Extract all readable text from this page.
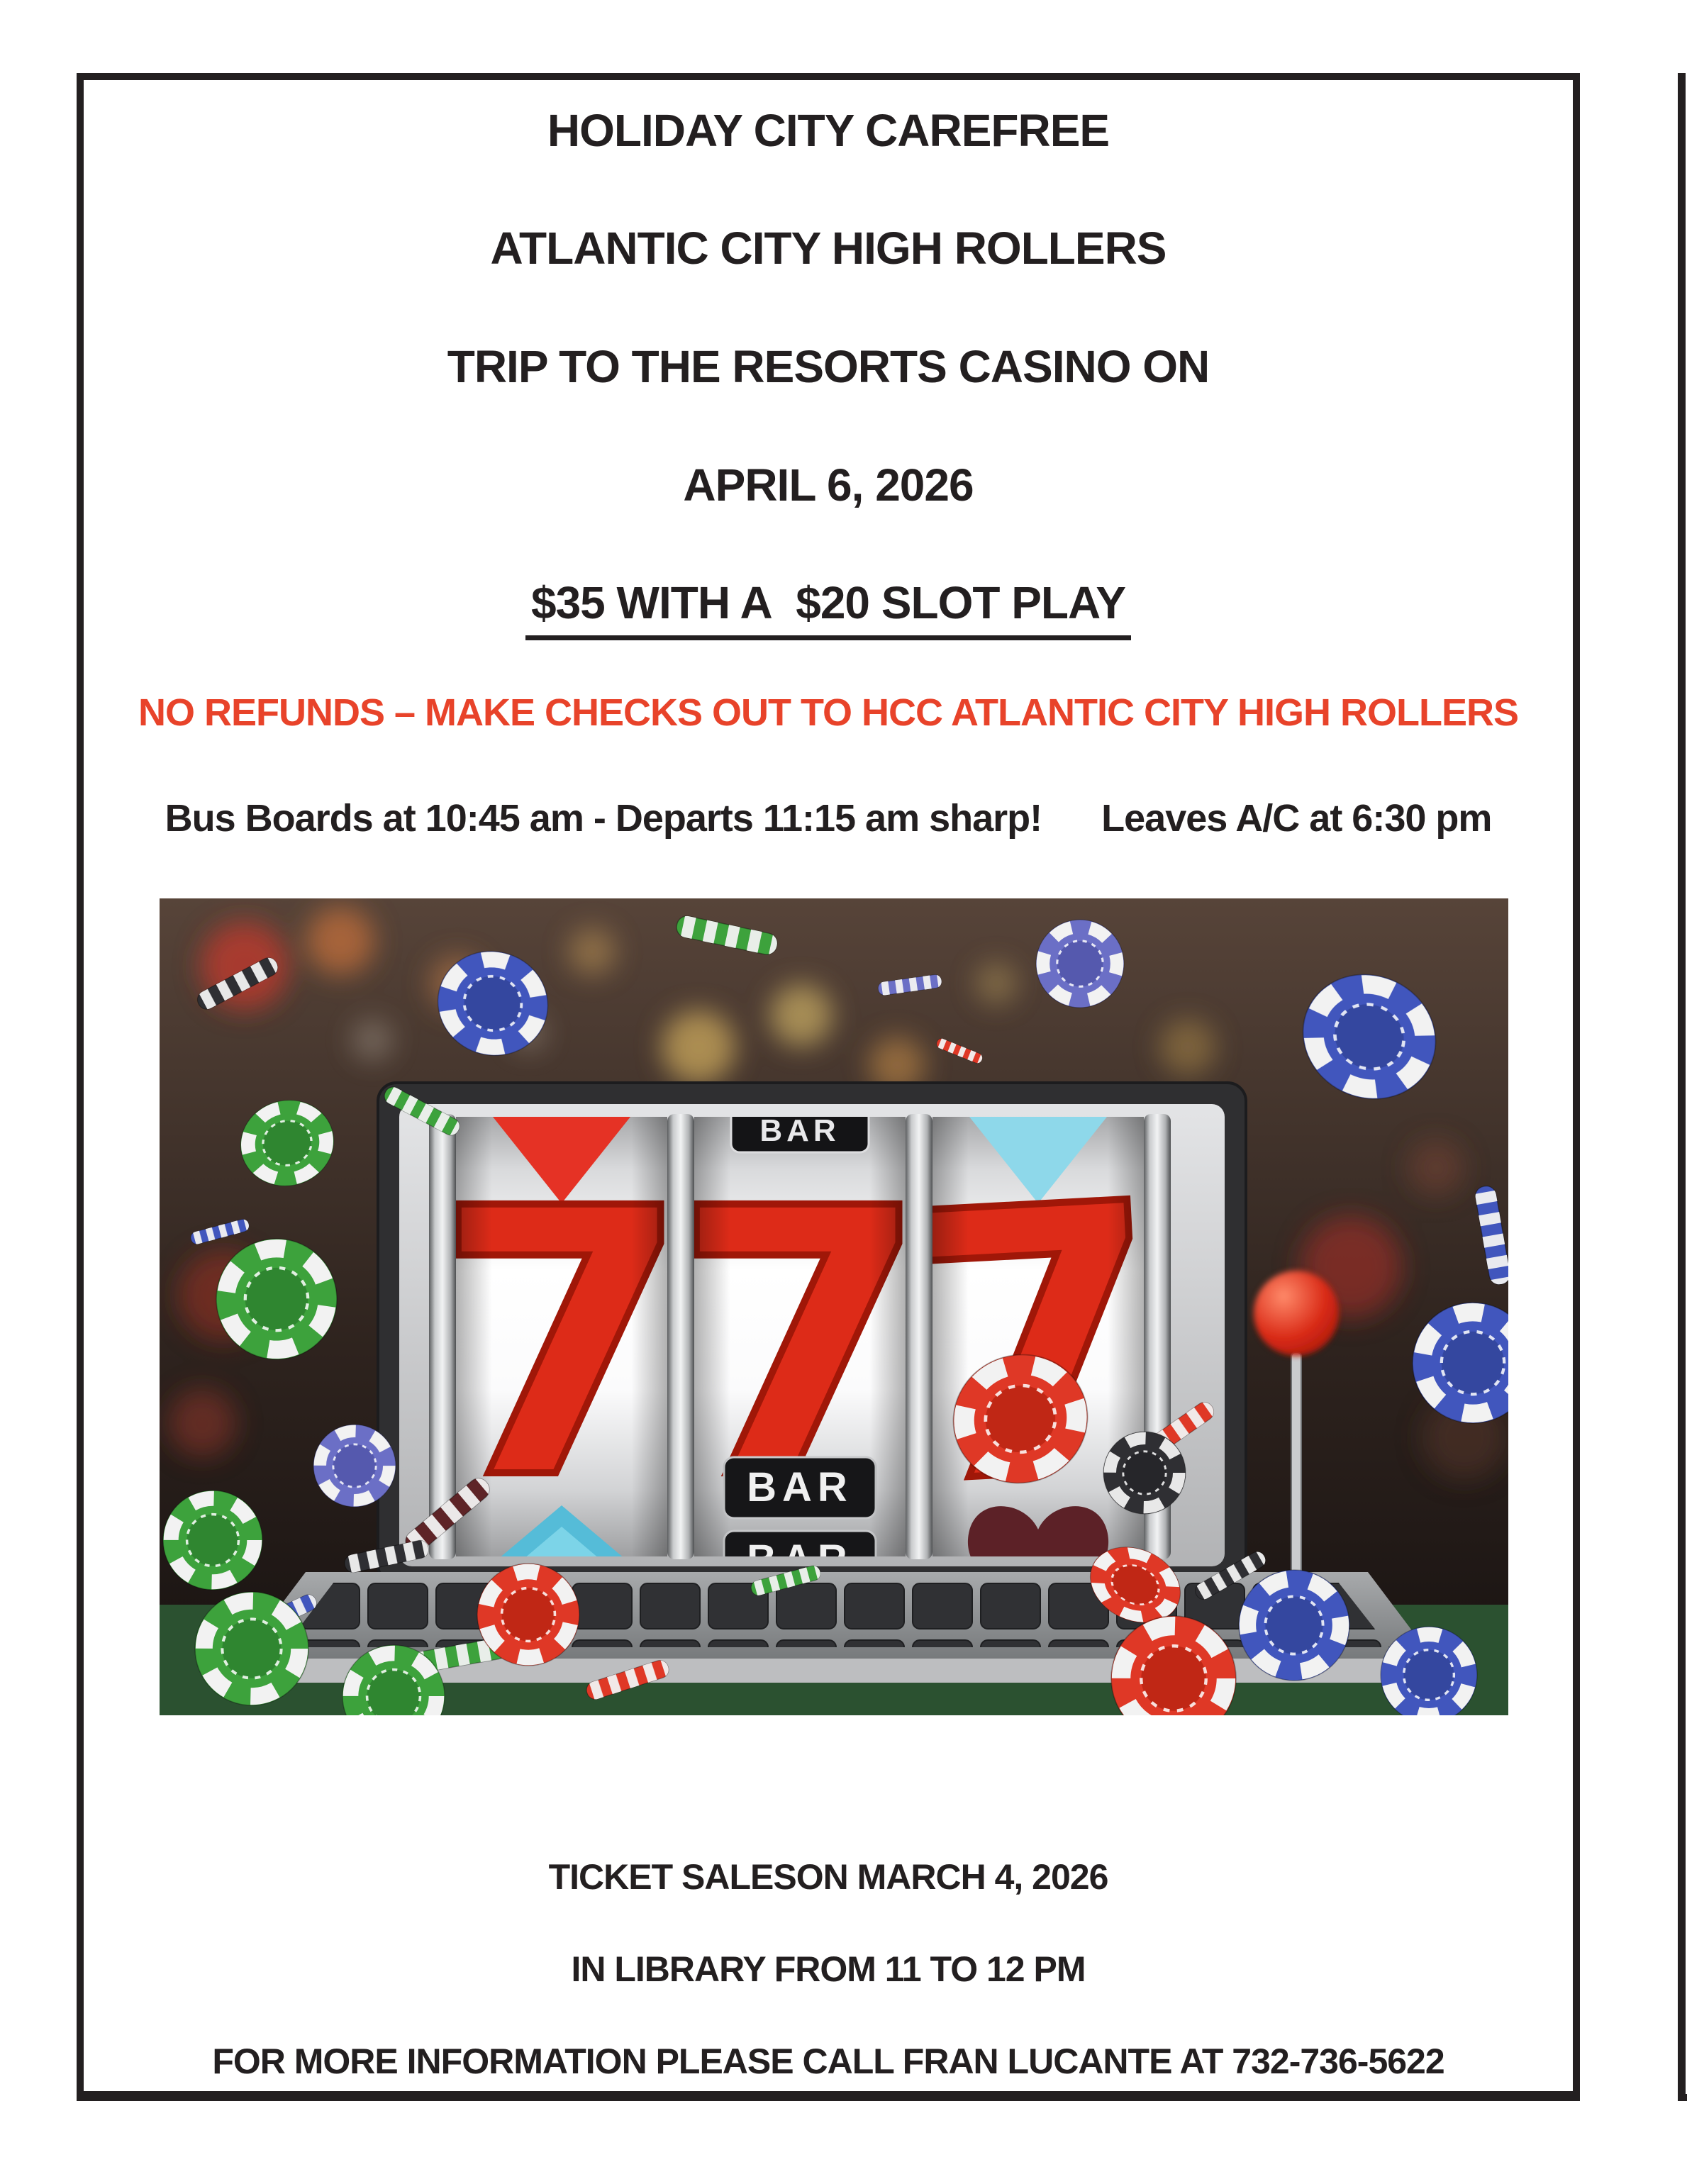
HOLIDAY CITY CAREFREE
ATLANTIC CITY HIGH ROLLERS
TRIP TO THE RESORTS CASINO ON
APRIL 6, 2026
$35 WITH A  $20 SLOT PLAY
NO REFUNDS – MAKE CHECKS OUT TO HCC ATLANTIC CITY HIGH ROLLERS
Bus Boards at 10:45 am - Departs 11:15 am sharp!      Leaves A/C at 6:30 pm
TICKET SALESON MARCH 4, 2026
IN LIBRARY FROM 11 TO 12 PM
FOR MORE INFORMATION PLEASE CALL FRAN LUCANTE AT 732-736-5622
